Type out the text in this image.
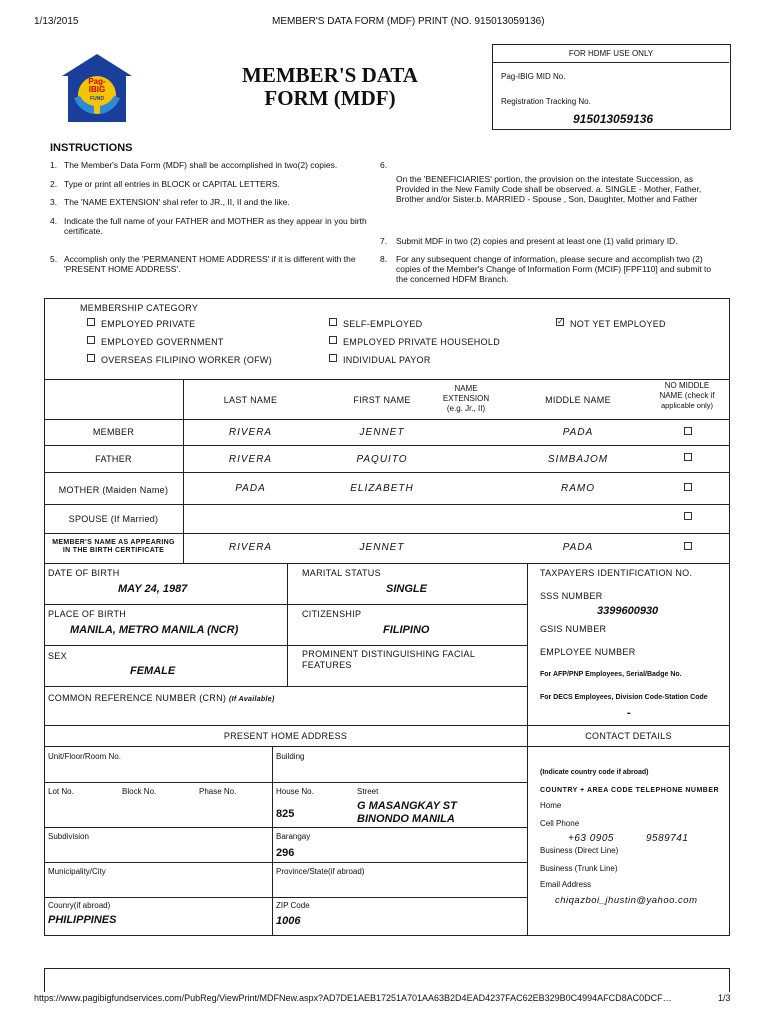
1/13/2015	MEMBER'S DATA FORM (MDF) PRINT (NO. 915013059136)
Pag-
IBIG
FUND
MEMBER'S DATA
FORM (MDF)
FOR HDMF USE ONLY
Pag-IBIG MID No.
Registration Tracking No.
915013059136
INSTRUCTIONS
1. The Member's Data Form (MDF) shall be accomplished in two(2) copies.
2. Type or print all entries in BLOCK or CAPITAL LETTERS.
3. The 'NAME EXTENSION' shal refer to JR., II, II and the like.
4. Indicate the full name of your FATHER and MOTHER as they appear in you birth certificate.
5. Accomplish only the 'PERMANENT HOME ADDRESS' if it is different with the 'PRESENT HOME ADDRESS'.
6.
On the 'BENEFICIARIES' portion, the provision on the intestate Succession, as Provided in the New Family Code shall be observed. a. SINGLE - Mother, Father, Brother and/or Sister.b. MARRIED - Spouse , Son, Daughter, Mother and Father
7. Submit MDF in two (2) copies and present at least one (1) valid primary ID.
8. For any subsequent change of information, please secure and accomplish two (2) copies of the Member's Change of Information Form (MCIF) [FPF110] and submit to the concerned HDFM Branch.
MEMBERSHIP CATEGORY
EMPLOYED PRIVATE
EMPLOYED GOVERNMENT
OVERSEAS FILIPINO WORKER (OFW)
SELF-EMPLOYED
EMPLOYED PRIVATE HOUSEHOLD
INDIVIDUAL PAYOR
✓ NOT YET EMPLOYED
LAST NAME	FIRST NAME
NAME
EXTENSION
(e.g. Jr., II)
MIDDLE NAME
NO MIDDLE
NAME (check if
applicable only)
MEMBER	RIVERA	JENNET	PADA
FATHER	RIVERA	PAQUITO	SIMBAJOM
MOTHER (Maiden Name)	PADA	ELIZABETH	RAMO
SPOUSE (If Married)
MEMBER'S NAME AS APPEARING IN THE BIRTH CERTIFICATE	RIVERA	JENNET	PADA
DATE OF BIRTH
MAY 24, 1987
MARITAL STATUS
SINGLE
PLACE OF BIRTH
MANILA, METRO MANILA (NCR)
CITIZENSHIP
FILIPINO
SEX
FEMALE
PROMINENT DISTINGUISHING FACIAL FEATURES
COMMON REFERENCE NUMBER (CRN) (If Available)
TAXPAYERS IDENTIFICATION NO.
SSS NUMBER
3399600930
GSIS NUMBER
EMPLOYEE NUMBER
For AFP/PNP Employees, Serial/Badge No.
For DECS Employees, Division Code-Station Code
-
PRESENT HOME ADDRESS	CONTACT DETAILS
Unit/Floor/Room No.	Building
Lot No.	Block No.	Phase No.	House No.
825
Street
G MASANGKAY ST
BINONDO MANILA
Subdivision	Barangay
296
Municipality/City	Province/State(if abroad)
Counry(if abroad)
PHILIPPINES
ZIP Code
1006
(Indicate country code if abroad)
COUNTRY + AREA CODE TELEPHONE NUMBER
Home
Cell Phone
+63 0905	9589741
Business (Direct Line)
Business (Trunk Line)
Email Address
chiqazboi_jhustin@yahoo.com
https://www.pagibigfundservices.com/PubReg/ViewPrint/MDFNew.aspx?AD7DE1AEB17251A701AA63B2D4EAD4237FAC62EB329B0C4994AFCD8AC0DCF…	1/3
